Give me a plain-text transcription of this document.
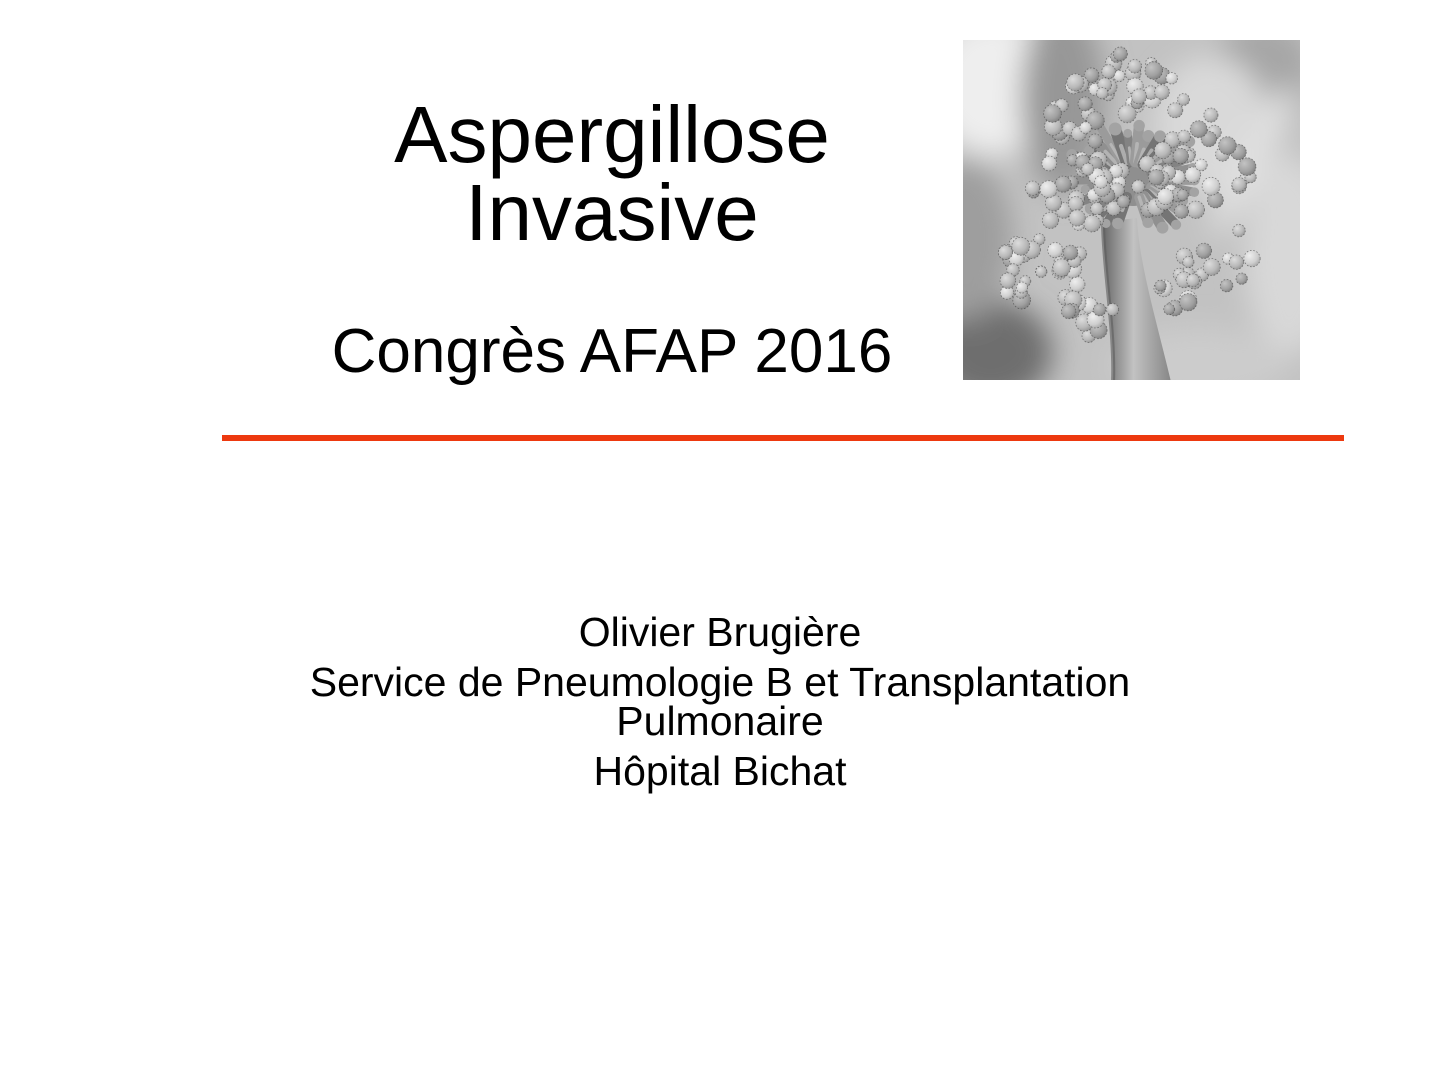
Aspergillose
Invasive
Congrès AFAP 2016

Olivier Brugière

Service de Pneumologie B et Transplantation Pulmonaire

Hôpital Bichat
